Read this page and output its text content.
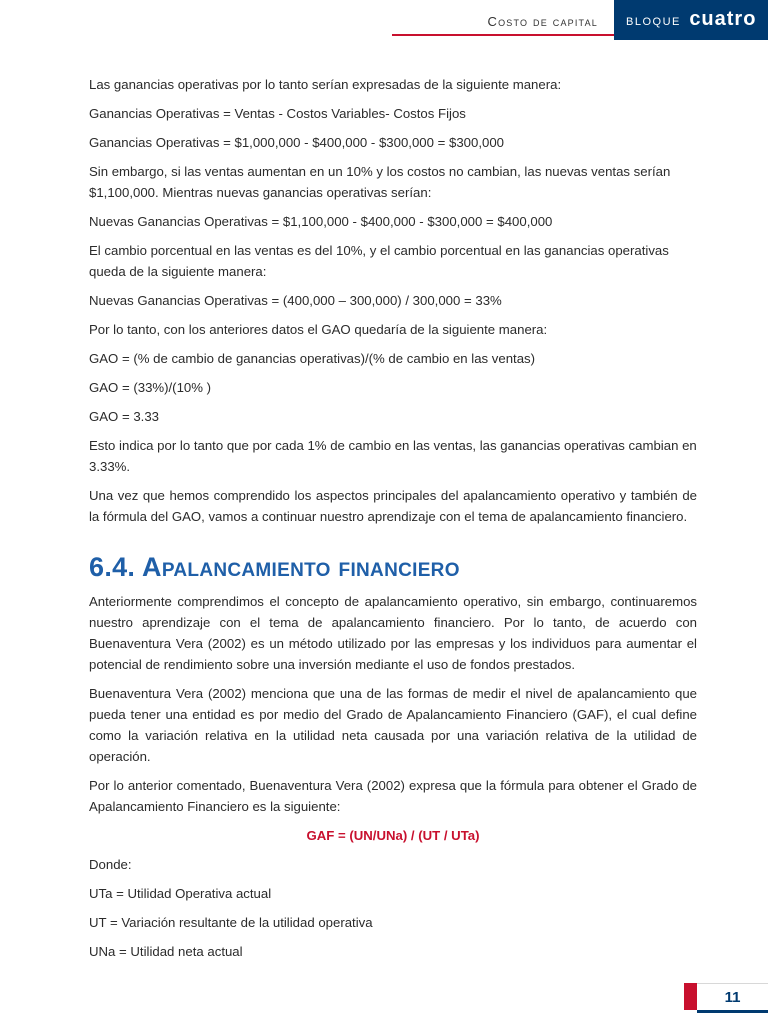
Costo de capital	BLOQUE cuatro

Las ganancias operativas por lo tanto serían expresadas de la siguiente manera:

Ganancias Operativas = Ventas - Costos Variables- Costos Fijos

Ganancias Operativas = $1,000,000 - $400,000 - $300,000 = $300,000

Sin embargo, si las ventas aumentan en un 10% y los costos no cambian, las nuevas ventas serían $1,100,000. Mientras nuevas ganancias operativas serían:

Nuevas Ganancias Operativas = $1,100,000 - $400,000 - $300,000 = $400,000

El cambio porcentual en las ventas es del 10%, y el cambio porcentual en las ganancias operativas queda de la siguiente manera:

Nuevas Ganancias Operativas = (400,000 – 300,000) / 300,000 = 33%

Por lo tanto, con los anteriores datos el GAO quedaría de la siguiente manera:

GAO = (% de cambio de ganancias operativas)/(% de cambio en las ventas)

GAO = (33%)/(10% )

GAO = 3.33

Esto indica por lo tanto que por cada 1% de cambio en las ventas, las ganancias operativas cambian en 3.33%.

Una vez que hemos comprendido los aspectos principales del apalancamiento operativo y también de la fórmula del GAO, vamos a continuar nuestro aprendizaje con el tema de apalancamiento financiero.

6.4. Apalancamiento financiero

Anteriormente comprendimos el concepto de apalancamiento operativo, sin embargo, continuaremos nuestro aprendizaje con el tema de apalancamiento financiero. Por lo tanto, de acuerdo con Buenaventura Vera (2002) es un método utilizado por las empresas y los individuos para aumentar el potencial de rendimiento sobre una inversión mediante el uso de fondos prestados.

Buenaventura Vera (2002) menciona que una de las formas de medir el nivel de apalancamiento que pueda tener una entidad es por medio del Grado de Apalancamiento Financiero (GAF), el cual define como la variación relativa en la utilidad neta causada por una variación relativa de la utilidad de operación.

Por lo anterior comentado, Buenaventura Vera (2002) expresa que la fórmula para obtener el Grado de Apalancamiento Financiero es la siguiente:

GAF = (UN/UNa) / (UT / UTa)

Donde:

UTa = Utilidad Operativa actual

UT = Variación resultante de la utilidad operativa

UNa = Utilidad neta actual

11
